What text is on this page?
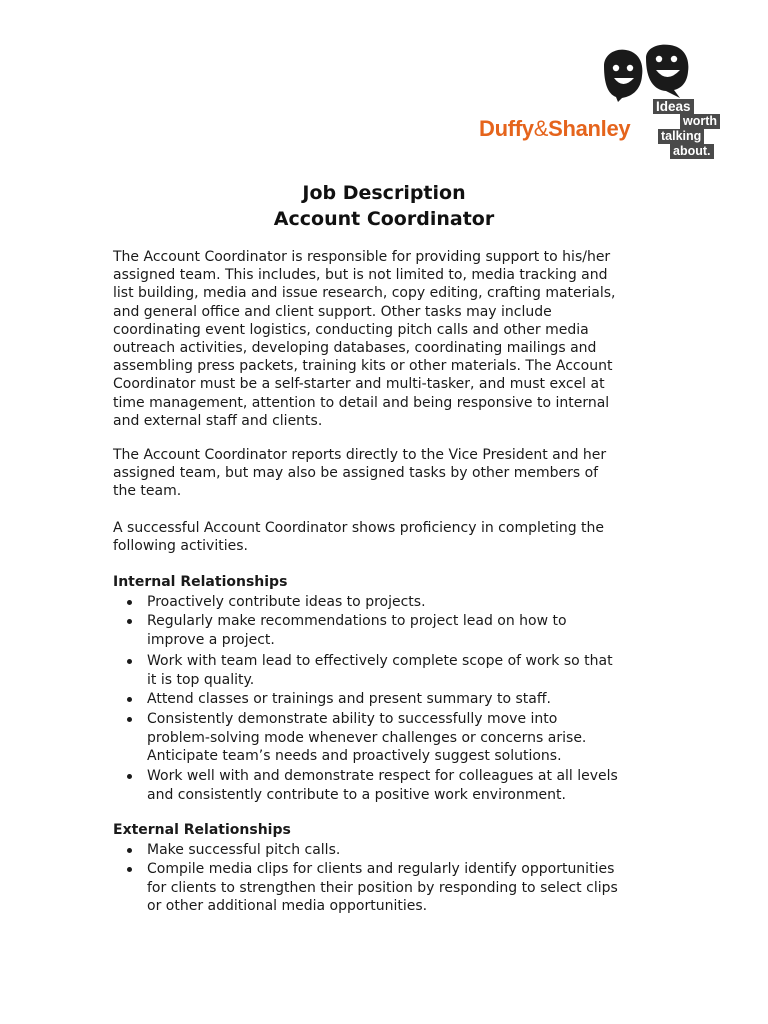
Duffy&Shanley
Ideas
worth
talking
about.
Job Description
Account Coordinator
The Account Coordinator is responsible for providing support to his/her
assigned team. This includes, but is not limited to, media tracking and
list building, media and issue research, copy editing, crafting materials,
and general office and client support. Other tasks may include
coordinating event logistics, conducting pitch calls and other media
outreach activities, developing databases, coordinating mailings and
assembling press packets, training kits or other materials. The Account
Coordinator must be a self-starter and multi-tasker, and must excel at
time management, attention to detail and being responsive to internal
and external staff and clients.
The Account Coordinator reports directly to the Vice President and her
assigned team, but may also be assigned tasks by other members of
the team.
A successful Account Coordinator shows proficiency in completing the
following activities.
Internal Relationships
Proactively contribute ideas to projects.
Regularly make recommendations to project lead on how to
improve a project.
Work with team lead to effectively complete scope of work so that
it is top quality.
Attend classes or trainings and present summary to staff.
Consistently demonstrate ability to successfully move into
problem-solving mode whenever challenges or concerns arise.
Anticipate team’s needs and proactively suggest solutions.
Work well with and demonstrate respect for colleagues at all levels
and consistently contribute to a positive work environment.
External Relationships
Make successful pitch calls.
Compile media clips for clients and regularly identify opportunities
for clients to strengthen their position by responding to select clips
or other additional media opportunities.
